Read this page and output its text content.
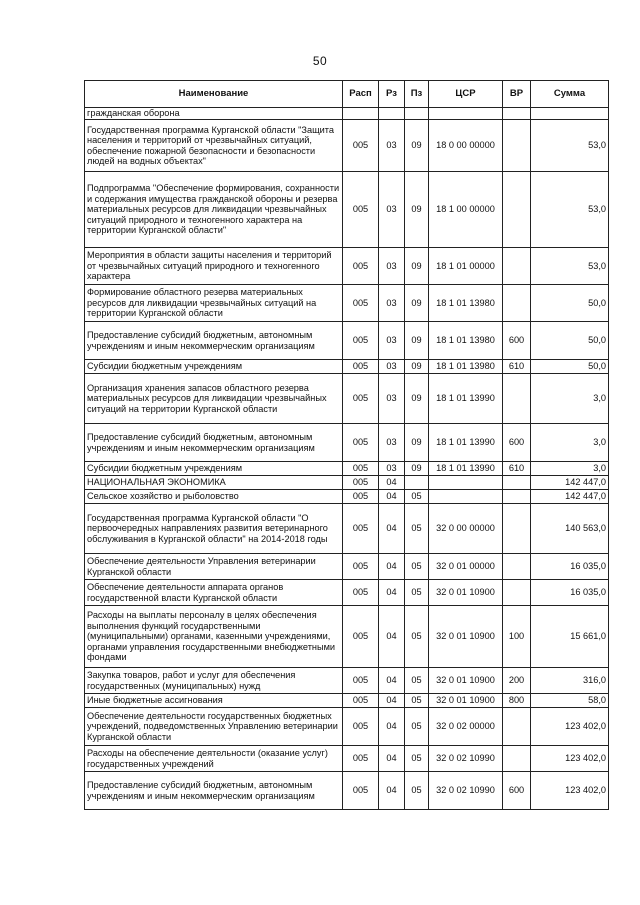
50
Наименование	Расп	Рз	Пз	ЦСР	ВР	Сумма
гражданская оборона						
Государственная программа Курганской области "Защита населения и территорий от чрезвычайных ситуаций, обеспечение пожарной безопасности и безопасности людей на водных объектах"	005	03	09	18 0 00 00000		53,0
Подпрограмма "Обеспечение формирования, сохранности и содержания имущества гражданской обороны и резерва материальных ресурсов для ликвидации чрезвычайных ситуаций природного и техногенного характера на территории Курганской области"	005	03	09	18 1 00 00000		53,0
Мероприятия в области защиты населения и территорий от чрезвычайных ситуаций природного и техногенного характера	005	03	09	18 1 01 00000		53,0
Формирование областного резерва материальных ресурсов для ликвидации чрезвычайных ситуаций на территории Курганской области	005	03	09	18 1 01 13980		50,0
Предоставление субсидий бюджетным, автономным учреждениям и иным некоммерческим организациям	005	03	09	18 1 01 13980	600	50,0
Субсидии бюджетным учреждениям	005	03	09	18 1 01 13980	610	50,0
Организация хранения запасов областного резерва материальных ресурсов для ликвидации чрезвычайных ситуаций на территории Курганской области	005	03	09	18 1 01 13990		3,0
Предоставление субсидий бюджетным, автономным учреждениям и иным некоммерческим организациям	005	03	09	18 1 01 13990	600	3,0
Субсидии бюджетным учреждениям	005	03	09	18 1 01 13990	610	3,0
НАЦИОНАЛЬНАЯ ЭКОНОМИКА	005	04				142 447,0
Сельское хозяйство и рыболовство	005	04	05			142 447,0
Государственная программа Курганской области "О первоочередных направлениях развития ветеринарного обслуживания в Курганской области" на 2014-2018 годы	005	04	05	32 0 00 00000		140 563,0
Обеспечение деятельности Управления ветеринарии Курганской области	005	04	05	32 0 01 00000		16 035,0
Обеспечение деятельности аппарата органов государственной власти Курганской области	005	04	05	32 0 01 10900		16 035,0
Расходы на выплаты персоналу в целях обеспечения выполнения функций государственными (муниципальными) органами, казенными учреждениями, органами управления государственными внебюджетными фондами	005	04	05	32 0 01 10900	100	15 661,0
Закупка товаров, работ и услуг для обеспечения государственных (муниципальных) нужд	005	04	05	32 0 01 10900	200	316,0
Иные бюджетные ассигнования	005	04	05	32 0 01 10900	800	58,0
Обеспечение деятельности государственных бюджетных учреждений, подведомственных Управлению ветеринарии Курганской области	005	04	05	32 0 02 00000		123 402,0
Расходы на обеспечение деятельности (оказание услуг) государственных учреждений	005	04	05	32 0 02 10990		123 402,0
Предоставление субсидий бюджетным, автономным учреждениям и иным некоммерческим организациям	005	04	05	32 0 02 10990	600	123 402,0
